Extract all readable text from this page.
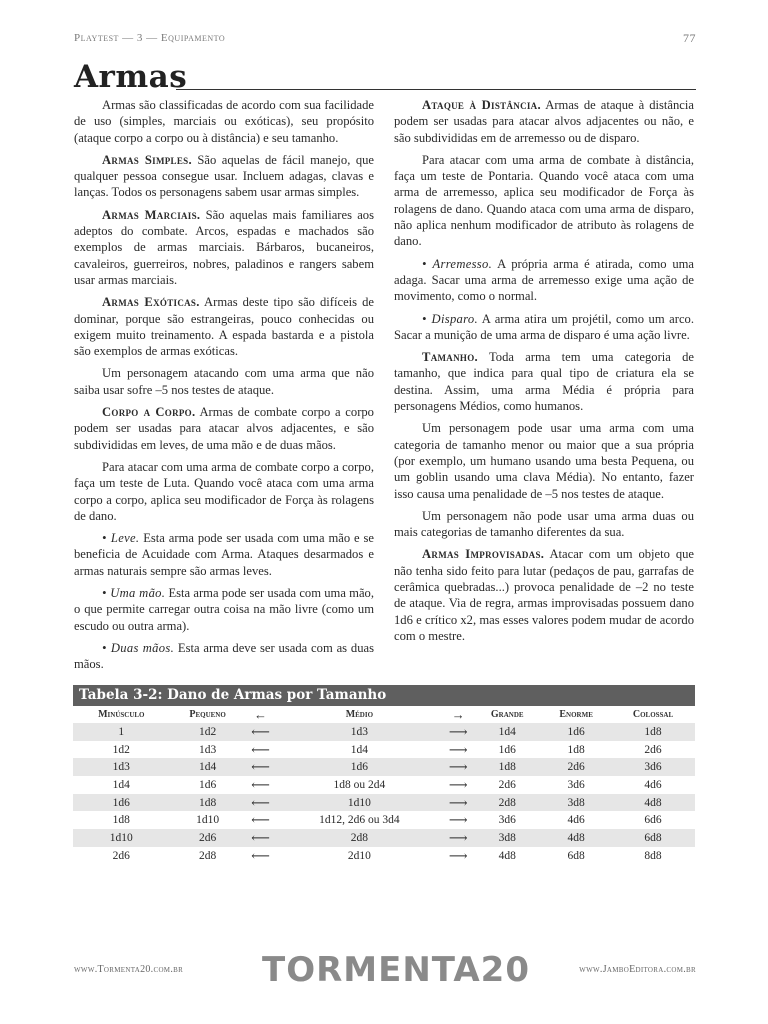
Playtest — 3 — Equipamento	77
Armas

Armas são classificadas de acordo com sua facilidade de uso (simples, marciais ou exóticas), seu propósito (ataque corpo a corpo ou à distância) e seu tamanho.

Armas Simples. São aquelas de fácil manejo, que qualquer pessoa consegue usar. Incluem adagas, clavas e lanças. Todos os personagens sabem usar armas simples.

Armas Marciais. São aquelas mais familiares aos adeptos do combate. Arcos, espadas e machados são exemplos de armas marciais. Bárbaros, bucaneiros, cavaleiros, guerreiros, nobres, paladinos e rangers sabem usar armas marciais.

Armas Exóticas. Armas deste tipo são difíceis de dominar, porque são estrangeiras, pouco conhecidas ou exigem muito treinamento. A espada bastarda e a pistola são exemplos de armas exóticas.

Um personagem atacando com uma arma que não saiba usar sofre –5 nos testes de ataque.

Corpo a Corpo. Armas de combate corpo a corpo podem ser usadas para atacar alvos adjacentes, e são subdivididas em leves, de uma mão e de duas mãos.

Para atacar com uma arma de combate corpo a corpo, faça um teste de Luta. Quando você ataca com uma arma corpo a corpo, aplica seu modificador de Força às rolagens de dano.

• Leve. Esta arma pode ser usada com uma mão e se beneficia de Acuidade com Arma. Ataques desarmados e armas naturais sempre são armas leves.

• Uma mão. Esta arma pode ser usada com uma mão, o que permite carregar outra coisa na mão livre (como um escudo ou outra arma).

• Duas mãos. Esta arma deve ser usada com as duas mãos.

Ataque à Distância. Armas de ataque à distância podem ser usadas para atacar alvos adjacentes ou não, e são subdivididas em de arremesso ou de disparo.

Para atacar com uma arma de combate à distância, faça um teste de Pontaria. Quando você ataca com uma arma de arremesso, aplica seu modificador de Força às rolagens de dano. Quando ataca com uma arma de disparo, não aplica nenhum modificador de atributo às rolagens de dano.

• Arremesso. A própria arma é atirada, como uma adaga. Sacar uma arma de arremesso exige uma ação de movimento, como o normal.

• Disparo. A arma atira um projétil, como um arco. Sacar a munição de uma arma de disparo é uma ação livre.

Tamanho. Toda arma tem uma categoria de tamanho, que indica para qual tipo de criatura ela se destina. Assim, uma arma Média é própria para personagens Médios, como humanos.

Um personagem pode usar uma arma com uma categoria de tamanho menor ou maior que a sua própria (por exemplo, um humano usando uma besta Pequena, ou um goblin usando uma clava Média). No entanto, fazer isso causa uma penalidade de –5 nos testes de ataque.

Um personagem não pode usar uma arma duas ou mais categorias de tamanho diferentes da sua.

Armas Improvisadas. Atacar com um objeto que não tenha sido feito para lutar (pedaços de pau, garrafas de cerâmica quebradas...) provoca penalidade de –2 no teste de ataque. Via de regra, armas improvisadas possuem dano 1d6 e crítico x2, mas esses valores podem mudar de acordo com o mestre.

Tabela 3-2: Dano de Armas por Tamanho
Minúsculo	Pequeno	←	Médio	→	Grande	Enorme	Colossal
1	1d2	⟵	1d3	⟶	1d4	1d6	1d8
1d2	1d3	⟵	1d4	⟶	1d6	1d8	2d6
1d3	1d4	⟵	1d6	⟶	1d8	2d6	3d6
1d4	1d6	⟵	1d8 ou 2d4	⟶	2d6	3d6	4d6
1d6	1d8	⟵	1d10	⟶	2d8	3d8	4d8
1d8	1d10	⟵	1d12, 2d6 ou 3d4	⟶	3d6	4d6	6d6
1d10	2d6	⟵	2d8	⟶	3d8	4d8	6d8
2d6	2d8	⟵	2d10	⟶	4d8	6d8	8d8
www.Tormenta20.com.br TORMENTA20	www.JamboEditora.com.br
